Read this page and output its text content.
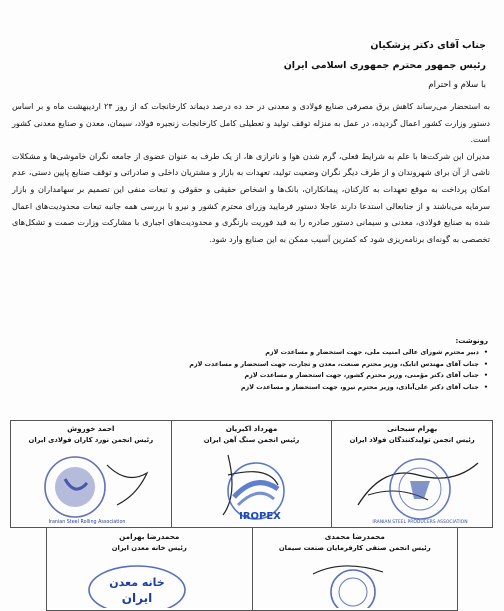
جناب آقای دکتر پزشکیان
رئیس جمهور محترم جمهوری اسلامی ایران
با سلام و احترام

به استحضار می‌رساند کاهش برق مصرفی صنایع فولادی و معدنی در حد ده درصد دیماند کارخانجات که از روز ۲۴ اردیبهشت ماه و بر اساس دستور وزارت کشور اعمال گردیده، در عمل به منزله توقف تولید و تعطیلی کامل کارخانجات زنجیره فولاد، سیمان، معدن و صنایع معدنی کشور است.

مدیران این شرکت‌ها با علم به شرایط فعلی، گرم شدن هوا و ناترازی ها، از یک طرف به عنوان عضوی از جامعه نگران خاموشی‌ها و مشکلات ناشی از آن برای شهروندان و از طرف دیگر نگران وضعیت تولید، تعهدات به بازار و مشتریان داخلی و صادراتی و توقف صنایع پایین دستی، عدم امکان پرداخت به موقع تعهدات به کارکنان، پیمانکاران، بانک‌ها و اشخاص حقیقی و حقوقی و تبعات منفی این تصمیم بر سهامداران و بازار سرمایه می‌باشند و از جنابعالی استدعا دارند عاجلا دستور فرمایید وزرای محترم کشور و نیرو با بررسی همه جانبه تبعات محدودیت‌های اعمال شده به صنایع فولادی، معدنی و سیمانی دستور صادره را به قید فوریت بازنگری و محدودیت‌های اجباری با مشارکت وزارت صمت و تشکل‌های تخصصی به گونه‌ای برنامه‌ریزی شود که کمترین آسیب ممکن به این صنایع وارد شود.

رونوشت:
• دبیر محترم شورای عالی امنیت ملی، جهت استحضار و مساعدت لازم
• جناب آقای مهندس اتابک، وزیر محترم صنعت، معدن و تجارت، جهت استحضار و مساعدت لازم
• جناب آقای دکتر مؤمنی، وزیر محترم کشور، جهت استحضار و مساعدت لازم
• جناب آقای دکتر علی‌آبادی، وزیر محترم نیرو، جهت استحضار و مساعدت لازم
بهرام سبحانی
رئیس انجمن تولیدکنندگان فولاد ایران
IRANIAN STEEL PRODUCERS ASSOCIATION

مهرداد اکبریان
رئیس انجمن سنگ آهن ایران
IROPEX

احمد خوروش
رئیس انجمن نورد کاران فولادی ایران
Iranian Steel Rolling Association
محمدرضا محمدی
رئیس انجمن صنفی کارفرمایان صنعت سیمان

محمدرضا بهرامن
رئیس خانه معدن ایران
خانه معدن
ایران
